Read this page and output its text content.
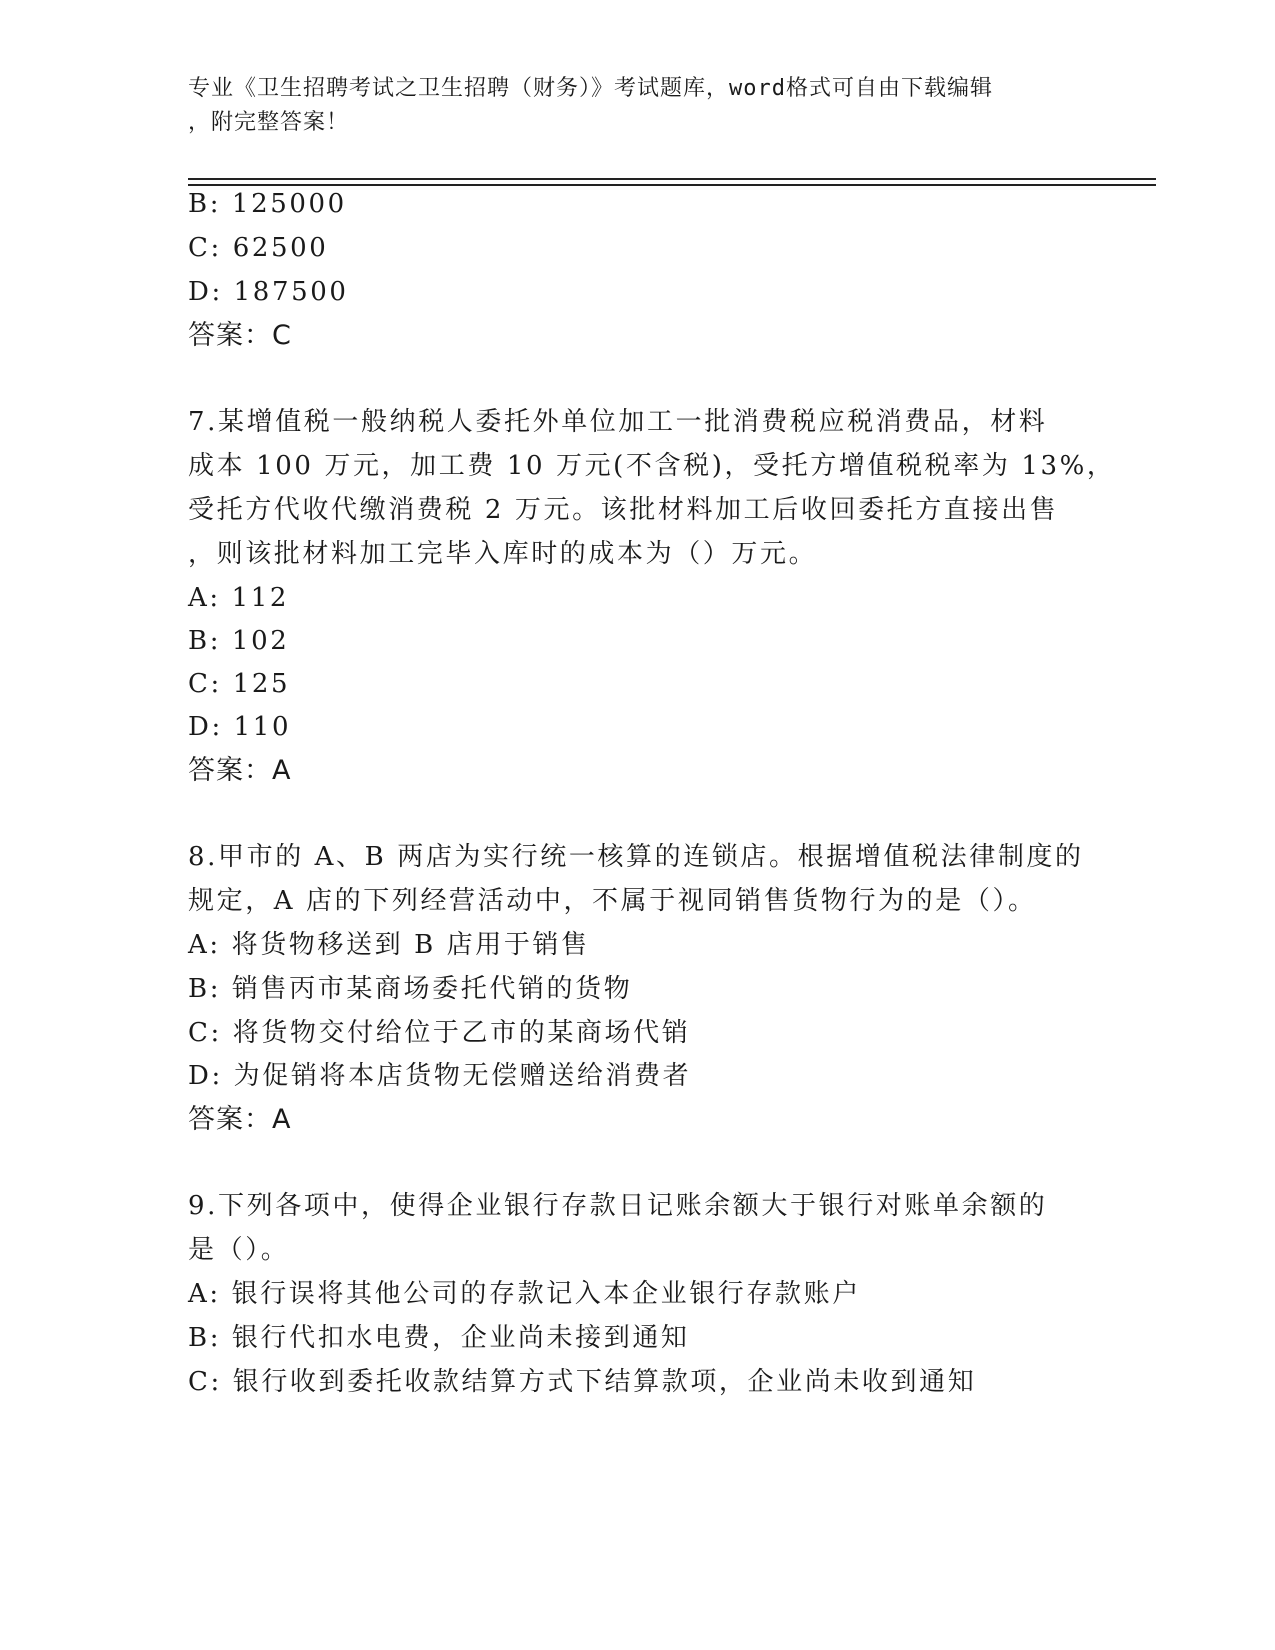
专业《卫生招聘考试之卫生招聘（财务）》考试题库，word格式可自由下载编辑
，附完整答案！
B: 125000
C: 62500
D: 187500
答案：C
7.某增值税一般纳税人委托外单位加工一批消费税应税消费品，材料
成本 100 万元，加工费 10 万元(不含税)，受托方增值税税率为 13%，
受托方代收代缴消费税 2 万元。该批材料加工后收回委托方直接出售
，则该批材料加工完毕入库时的成本为（）万元。
A: 112
B: 102
C: 125
D: 110
答案：A
8.甲市的 A、B 两店为实行统一核算的连锁店。根据增值税法律制度的
规定，A 店的下列经营活动中，不属于视同销售货物行为的是（）。
A: 将货物移送到 B 店用于销售
B: 销售丙市某商场委托代销的货物
C: 将货物交付给位于乙市的某商场代销
D: 为促销将本店货物无偿赠送给消费者
答案：A
9.下列各项中，使得企业银行存款日记账余额大于银行对账单余额的
是（）。
A: 银行误将其他公司的存款记入本企业银行存款账户
B: 银行代扣水电费，企业尚未接到通知
C: 银行收到委托收款结算方式下结算款项，企业尚未收到通知
